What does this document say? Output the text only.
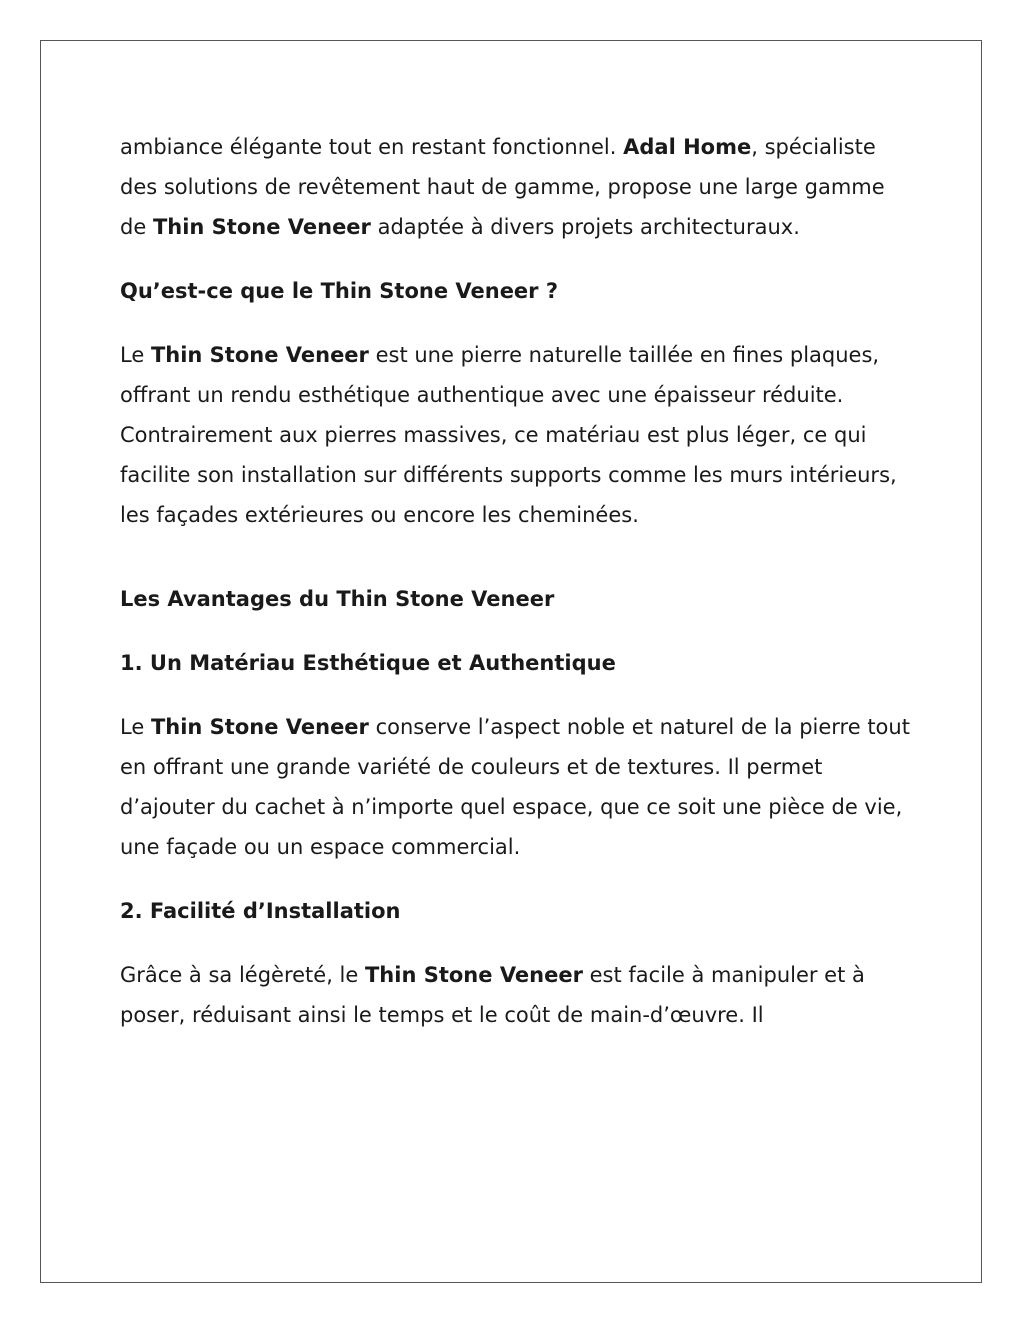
ambiance élégante tout en restant fonctionnel. Adal Home, spécialiste des solutions de revêtement haut de gamme, propose une large gamme de Thin Stone Veneer adaptée à divers projets architecturaux.

Qu’est-ce que le Thin Stone Veneer ?

Le Thin Stone Veneer est une pierre naturelle taillée en fines plaques, offrant un rendu esthétique authentique avec une épaisseur réduite. Contrairement aux pierres massives, ce matériau est plus léger, ce qui facilite son installation sur différents supports comme les murs intérieurs, les façades extérieures ou encore les cheminées.

Les Avantages du Thin Stone Veneer
1. Un Matériau Esthétique et Authentique

Le Thin Stone Veneer conserve l’aspect noble et naturel de la pierre tout en offrant une grande variété de couleurs et de textures. Il permet d’ajouter du cachet à n’importe quel espace, que ce soit une pièce de vie, une façade ou un espace commercial.

2. Facilité d’Installation

Grâce à sa légèreté, le Thin Stone Veneer est facile à manipuler et à poser, réduisant ainsi le temps et le coût de main-d’œuvre. Il
